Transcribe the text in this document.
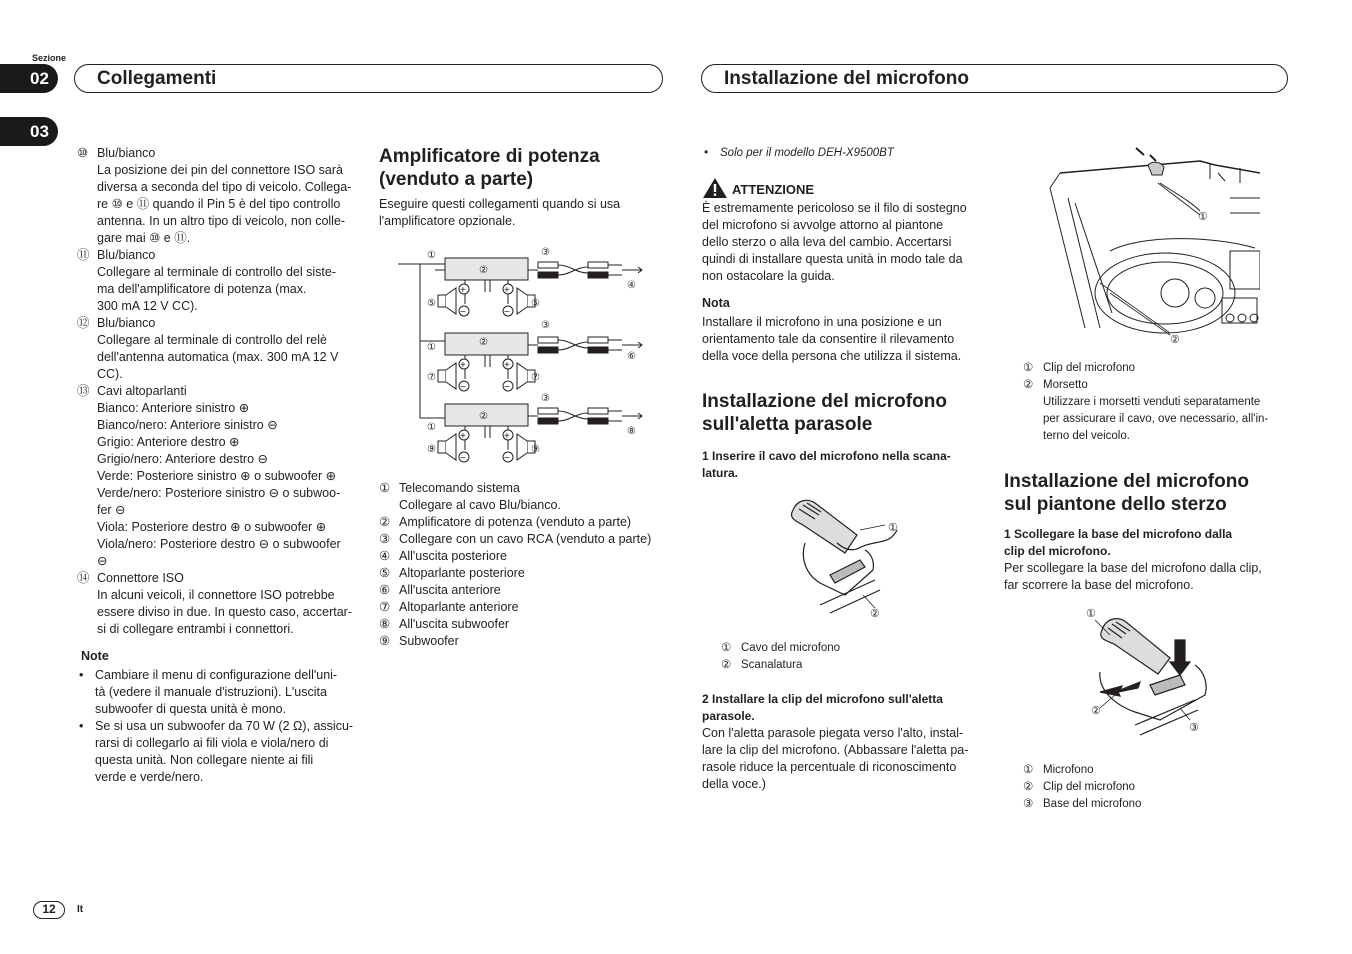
Sezione
02
03
Collegamenti	Installazione del microfono
⑩ Blu/bianco
La posizione dei pin del connettore ISO sarà
diversa a seconda del tipo di veicolo. Collega-
re ⑩ e ⑪ quando il Pin 5 è del tipo controllo
antenna. In un altro tipo di veicolo, non colle-
gare mai ⑩ e ⑪.
⑪ Blu/bianco
Collegare al terminale di controllo del siste-
ma dell'amplificatore di potenza (max.
300 mA 12 V CC).
⑫ Blu/bianco
Collegare al terminale di controllo del relè
dell'antenna automatica (max. 300 mA 12 V
CC).
⑬ Cavi altoparlanti
Bianco: Anteriore sinistro ⊕
Bianco/nero: Anteriore sinistro ⊖
Grigio: Anteriore destro ⊕
Grigio/nero: Anteriore destro ⊖
Verde: Posteriore sinistro ⊕ o subwoofer ⊕
Verde/nero: Posteriore sinistro ⊖ o subwoo-
fer ⊖
Viola: Posteriore destro ⊕ o subwoofer ⊕
Viola/nero: Posteriore destro ⊖ o subwoofer
⊖
⑭ Connettore ISO
In alcuni veicoli, il connettore ISO potrebbe
essere diviso in due. In questo caso, accertar-
si di collegare entrambi i connettori.
Note
• Cambiare il menu di configurazione dell'uni-
tà (vedere il manuale d'istruzioni). L'uscita
subwoofer di questa unità è mono.
• Se si usa un subwoofer da 70 W (2 Ω), assicu-
rarsi di collegarlo ai fili viola e viola/nero di
questa unità. Non collegare niente ai fili
verde e verde/nero.
Amplificatore di potenza
(venduto a parte)
Eseguire questi collegamenti quando si usa
l'amplificatore opzionale.
①
②
③
④
⑤	⑤
+	+
−	−
③
②
①
⑥
⑦	⑦
+	+
−	−
③
②
①	⑧
⑨	⑨
+	+
−	−
① Telecomando sistema
Collegare al cavo Blu/bianco.
② Amplificatore di potenza (venduto a parte)
③ Collegare con un cavo RCA (venduto a parte)
④ All'uscita posteriore
⑤ Altoparlante posteriore
⑥ All'uscita anteriore
⑦ Altoparlante anteriore
⑧ All'uscita subwoofer
⑨ Subwoofer
• Solo per il modello DEH-X9500BT
ATTENZIONE
È estremamente pericoloso se il filo di sostegno
del microfono si avvolge attorno al piantone
dello sterzo o alla leva del cambio. Accertarsi
quindi di installare questa unità in modo tale da
non ostacolare la guida.
Nota
Installare il microfono in una posizione e un
orientamento tale da consentire il rilevamento
della voce della persona che utilizza il sistema.
Installazione del microfono
sull'aletta parasole
1 Inserire il cavo del microfono nella scana-
latura.
①
②
① Cavo del microfono
② Scanalatura
2 Installare la clip del microfono sull'aletta
parasole.
Con l'aletta parasole piegata verso l'alto, instal-
lare la clip del microfono. (Abbassare l'aletta pa-
rasole riduce la percentuale di riconoscimento
della voce.)
①
②
① Clip del microfono
② Morsetto
Utilizzare i morsetti venduti separatamente
per assicurare il cavo, ove necessario, all'in-
terno del veicolo.
Installazione del microfono
sul piantone dello sterzo
1 Scollegare la base del microfono dalla
clip del microfono.
Per scollegare la base del microfono dalla clip,
far scorrere la base del microfono.
①
②
③
① Microfono
② Clip del microfono
③ Base del microfono
12	It
